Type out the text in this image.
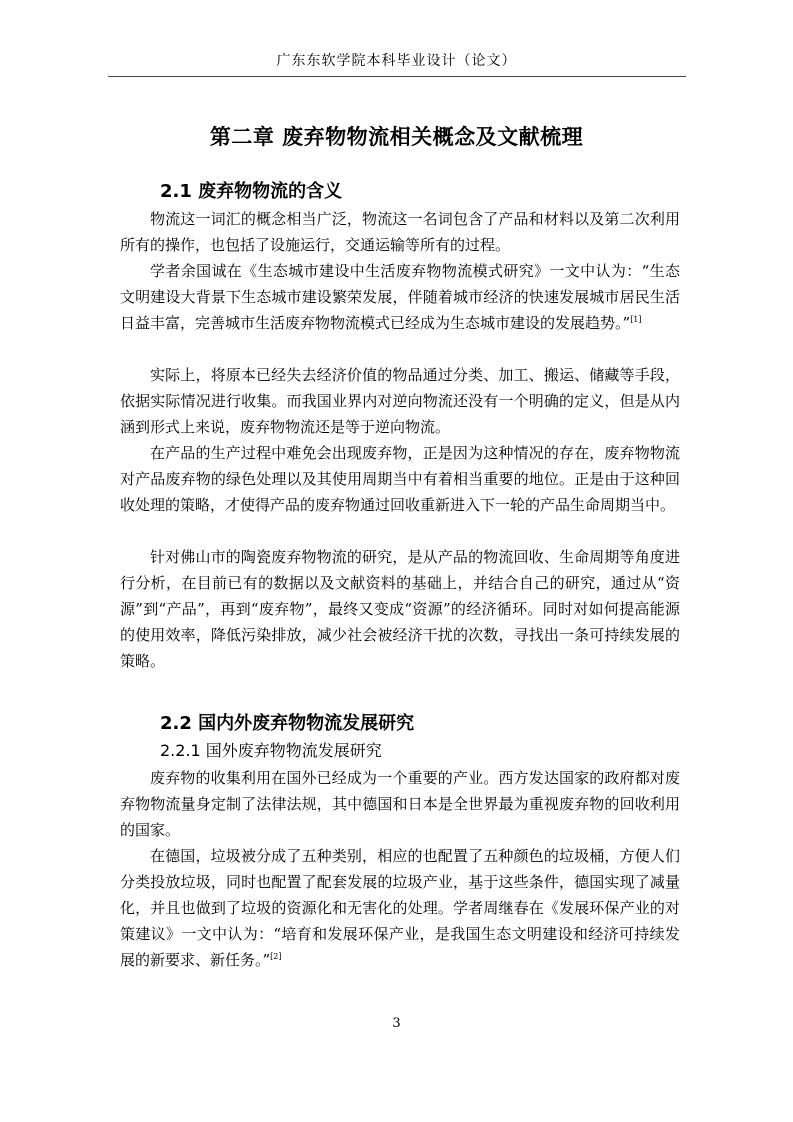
广东东软学院本科毕业设计（论文）
第二章 废弃物物流相关概念及文献梳理
2.1 废弃物物流的含义
物流这一词汇的概念相当广泛，物流这一名词包含了产品和材料以及第二次利用所有的操作，也包括了设施运行，交通运输等所有的过程。
学者余国诚在《生态城市建设中生活废弃物物流模式研究》一文中认为：“生态文明建设大背景下生态城市建设繁荣发展，伴随着城市经济的快速发展城市居民生活日益丰富，完善城市生活废弃物物流模式已经成为生态城市建设的发展趋势。”[1]
实际上，将原本已经失去经济价值的物品通过分类、加工、搬运、储藏等手段，依据实际情况进行收集。而我国业界内对逆向物流还没有一个明确的定义，但是从内涵到形式上来说，废弃物物流还是等于逆向物流。
在产品的生产过程中难免会出现废弃物，正是因为这种情况的存在，废弃物物流对产品废弃物的绿色处理以及其使用周期当中有着相当重要的地位。正是由于这种回收处理的策略，才使得产品的废弃物通过回收重新进入下一轮的产品生命周期当中。
针对佛山市的陶瓷废弃物物流的研究，是从产品的物流回收、生命周期等角度进行分析，在目前已有的数据以及文献资料的基础上，并结合自己的研究，通过从“资源”到“产品”，再到“废弃物”，最终又变成“资源”的经济循环。同时对如何提高能源的使用效率，降低污染排放，减少社会被经济干扰的次数，寻找出一条可持续发展的策略。
2.2 国内外废弃物物流发展研究
2.2.1 国外废弃物物流发展研究
废弃物的收集利用在国外已经成为一个重要的产业。西方发达国家的政府都对废弃物物流量身定制了法律法规，其中德国和日本是全世界最为重视废弃物的回收利用的国家。
在德国，垃圾被分成了五种类别，相应的也配置了五种颜色的垃圾桶，方便人们分类投放垃圾，同时也配置了配套发展的垃圾产业，基于这些条件，德国实现了减量化，并且也做到了垃圾的资源化和无害化的处理。学者周继春在《发展环保产业的对策建议》一文中认为：“培育和发展环保产业，是我国生态文明建设和经济可持续发展的新要求、新任务。”[2]
3
